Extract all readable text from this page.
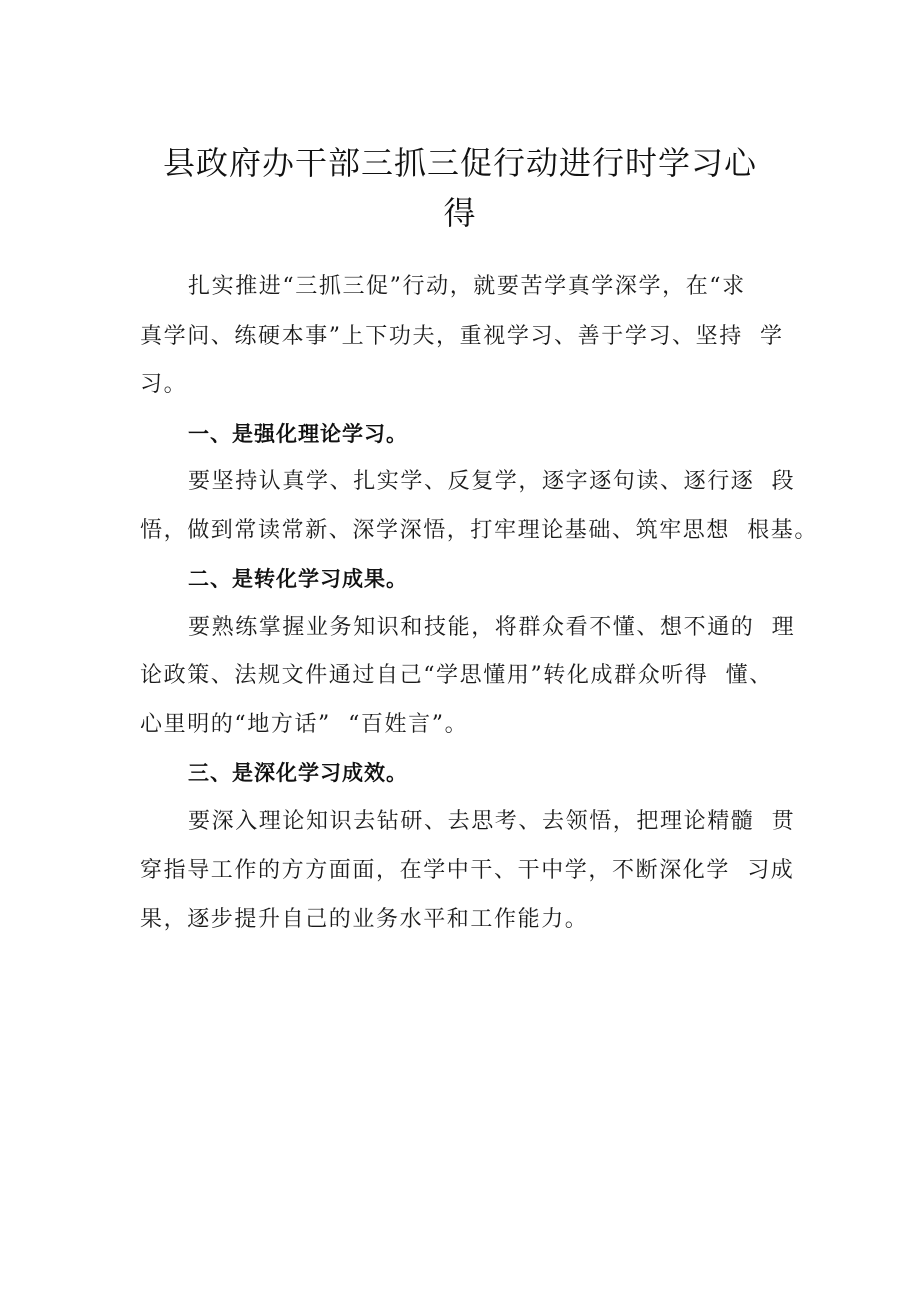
县政府办干部三抓三促行动进行时学习心
得
扎实推进“三抓三促”行动，就要苦学真学深学，在“求
真学问、练硬本事”上下功夫，重视学习、善于学习、坚持  学
习。
一、是强化理论学习。
要坚持认真学、扎实学、反复学，逐字逐句读、逐行逐  段
悟，做到常读常新、深学深悟，打牢理论基础、筑牢思想  根基。
二、是转化学习成果。
要熟练掌握业务知识和技能，将群众看不懂、想不通的  理
论政策、法规文件通过自己“学思懂用”转化成群众听得  懂、
心里明的“地方话”  “百姓言”。
三、是深化学习成效。
要深入理论知识去钻研、去思考、去领悟，把理论精髓  贯
穿指导工作的方方面面，在学中干、干中学，不断深化学  习成
果，逐步提升自己的业务水平和工作能力。
